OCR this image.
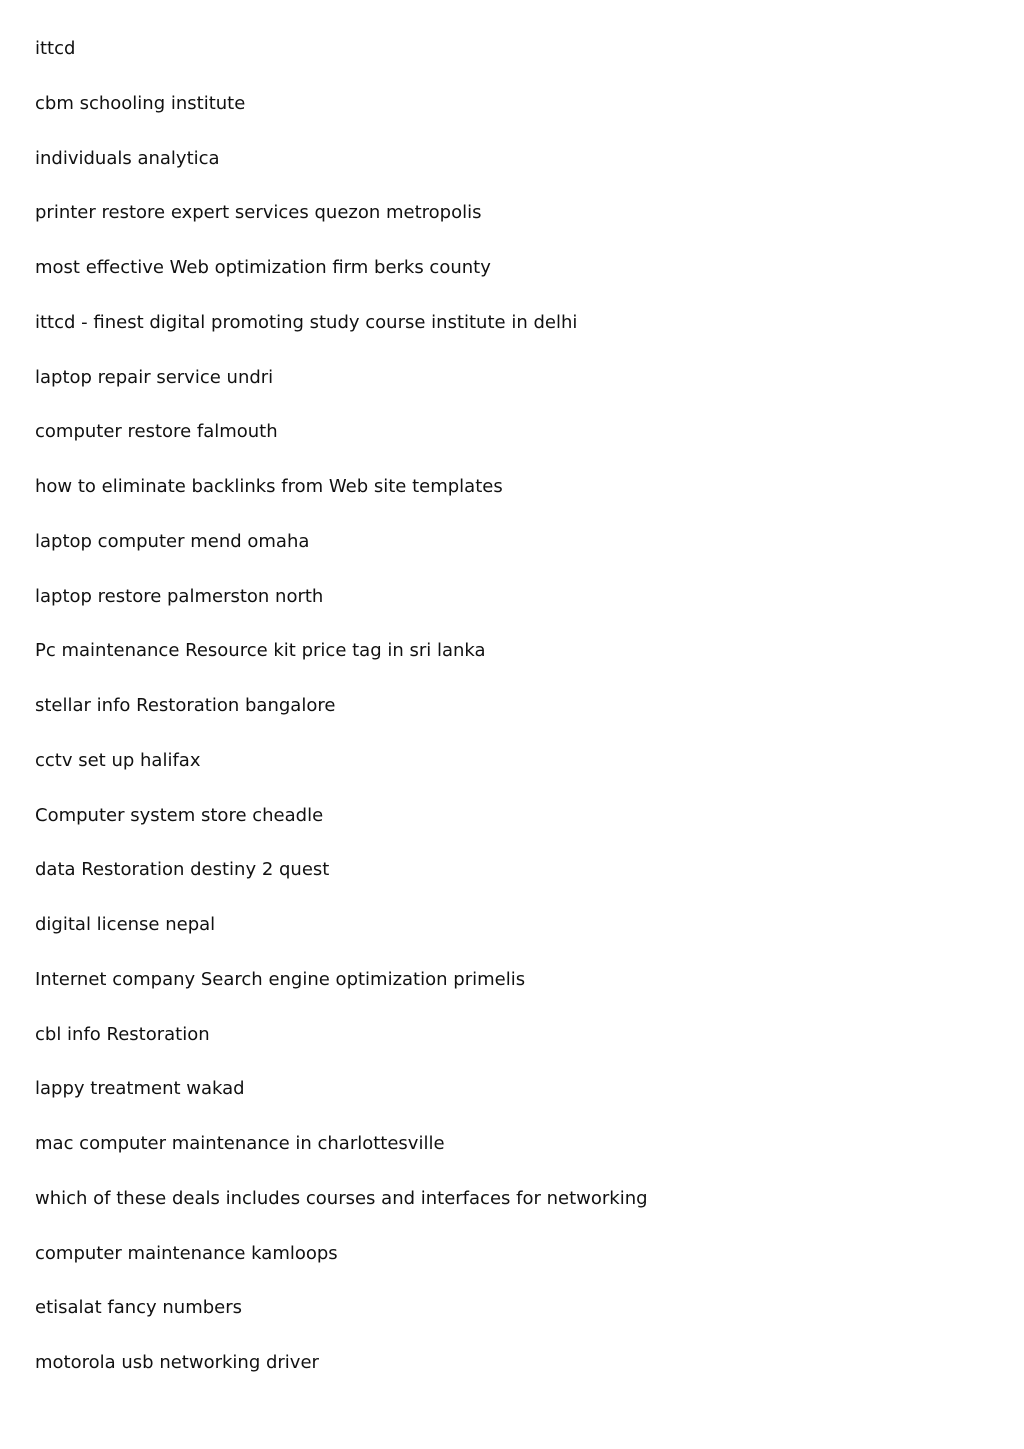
ittcd
cbm schooling institute
individuals analytica
printer restore expert services quezon metropolis
most effective Web optimization firm berks county
ittcd - finest digital promoting study course institute in delhi
laptop repair service undri
computer restore falmouth
how to eliminate backlinks from Web site templates
laptop computer mend omaha
laptop restore palmerston north
Pc maintenance Resource kit price tag in sri lanka
stellar info Restoration bangalore
cctv set up halifax
Computer system store cheadle
data Restoration destiny 2 quest
digital license nepal
Internet company Search engine optimization primelis
cbl info Restoration
lappy treatment wakad
mac computer maintenance in charlottesville
which of these deals includes courses and interfaces for networking
computer maintenance kamloops
etisalat fancy numbers
motorola usb networking driver
